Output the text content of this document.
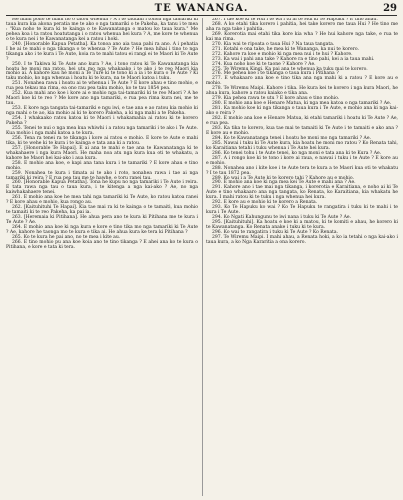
TE WANANGA.	29

He mahi pono te mahi ho o tatou whenua ? A i te tautahi i tonoa nga tamariki ki taua kura kia akona peratia me te ako o nga tamariki o te Pakeha, ka tanu i te mea : "Kua noho te kura ki te kainga o te Kawanatanga o matou ko taua kura." Me pehea koa i ta ratou hoatutanga i o ratou whenua hei kura ? A, me kore te whenua o te kura nei i te Kawanatanga kei a ratou i hoki.

240. [Honorable Kapua Petatha]. Ka tonoa ano aia taua pahi ra ano. A i pehatia I he ai te mahi o nga tikanga o te whenua ? Te Aute ? He mea hihai i tino to nga tikanga ako i te kura i Te Aute, koia ra te mahi tatou ei rangi ei te Maori ki Te Aute ?

250. I te Takiwa ki Te Aute ano kura ? Ae, i tono ratou ki Te Kawanatanga kia hoatu he moni ma ratou, hei utu mo nga whakaako i te ako i te reo Maori kia mohio ai. A kahore kau he moni a Te Ture ki te tono ki a ia i te kura o Te Aute ? Ki taku mohio, ko nga whenua i hoatu ki te kura, na te Maori katoa i tuku.

251. Nonahea rawa i hoatu ai te whenua i Te Aute ? E kore ahau e tino mohio, e rua pea tekau ma rima, ea ono rau pea taku mohio, ko te tau 1854 pea.

252. Kua mahi ano koe i kore ai e mohio nga tai-tamariki ki te reo Maori ? A he Maori koe ki te reo ? Me kore ano nga tamariki, e rua pea rima kura nei, me te tau.

253. E kore nga tangata tai-tamariki e ngu iwi, e tae ana e ao ratou kia mohio ki nga mahi o te ao, kia mohio ai ki te korero Pakeha, a ki nga mahi a te Pakeha.

254. I whakaako ratou katoa ki te Maori i whakamahia ai ratou ki te korero Pakeha ?

255. Tenei te nui o nga mea kua whiwhi i a ratou nga tamariki i te ako i Te Aute. Kua mohio i nga mahi katoa a te kura.

256. Tena ra tenei ra te tikanga i kore ai ratou e mohio. E kore te Aute e mahi tika, ki te wehe ki te kura i te kainga e tata ana ki a ratou.

257. [Honorable Te Hapai]. E ai ana te mahi e tae ana te Kawanatanga ki te whakahaere i nga kura Maori. He maha noa atu nga kura kua oti te whakatu, a kahore he Maori hei kai-ako i aua kura.

258. E mohio ana koe, e kapi ana tana kura i te tamariki ? E kore ahau e tino mohio.

259. Nonahea te kura i timata ai te ako i roto, nonahea rawa i tae ai nga tamariki ki reira ? E rua pea tau me te hawhe, e toru ranei tau.

260. [Honorable Kapua Petatha]. Tona he kupu no nga tamariki i Te Aute i reira. E tata rawa nga tau o taua kura, i te kitenga a nga kai-ako ? Ae, no nga kaiwhakahaere tenei.

261. E mohio ana koe he mea tahi nga tamariki ki Te Aute, ko ratou katoa ranei ? E kore ahau e mohio, kua rongo au.

262. [Kaituhituhi Te Hapai]. Kia tae mai ra ki te kainga o te tamaiti, kua mohio te tamaiti ki te reo Pakeha, ka pai ia.

263. [Heremaia ki Pitihana]. He ahua pera ano te kura ki Pitihana me te kura i Te Aute ? Ae.

264. E mohio ana koe ki nga kura e kore e tino tika mo nga tamariki ki Te Aute ? Ae, kahore he taonga mo te kura e tika ai. He ahua kura ke tera ki Pitihana ?

265. Ko te kura he pai ano, no te mea i kite au.

266. E tino mohio pu ana koe koia ano te tino tikanga ? E ahei ana ko te kura o Pitihana, e kore e tata ki tera.

267. I tae koe ki te Hui i te wa i tu ai te Hui ki Te Hapuku ? E tino ahau.

268. A ko etahi tika korero i pahitia, hei take korero me taua Hui ? He tino me aha ra nga take i pahitia.

269. Korerotia mai etahi tika kore kia wha ? He hui kahore nga take, e rua te kai ma rima.

270. Kia wai te ripoata o taua Hui ? Na taua tangata.

271. Kotahi e ona take, he mea ki te Wananga, ka nui te korero.

272. Kahore ra koe e mohio ki nga mea nui i te hui ? Kahore.

273. Ka wai i pahi ana take ? Kahore ra e tino pahi, kei a ia taua mahi.

274. Kua noho koe ki te taone ? Kahore ? Ae.

275. Te Wiremu Kingi. Ka pai ana te whenua ka tuku mai te korero.

276. Me pehea koe i te tikanga o taua kura i Pitihana ?

277. E whakaaro ana koe e tino tika ana nga mahi ki a ratou ? E kore au e mohio.

278. Te Wiremu Maipi. Kahore i tika. He kura kei te korero i nga kura Maori, he ahua kura, kahore a ratou kaiako e tika ana.

279. Kia pehea rawa te utu ? E kore ahau e tino mohio.

280. E mohio ana koe e Henare Matua, ki nga mea katoa o nga tamariki ? Ae.

281. Ka mohio koe ki nga tikanga o taua kura i Te Aute, e mohio ana ki nga kai-ako o reira ?

282. E mohio ana koe e Henare Matua, ki etahi tamariki i hoatu ki Te Aute ? Ae, e rua pea.

283. Ka tika to korero, kua tae mai te tamaiti ki Te Aute i te tamaiti e ako ana ? E kore au e mohio.

284. Ko te Kawanatanga tenei i hoatu he moni mo nga tamariki ? Ae.

285. Nawai i tuku ki Te Aute kura, kia hoatu he moni mo ratou ? Ko Renata tahi, ko Karaitiana tetahi i tuku whenua i Te Aute hei kura.

286. Ko tenei tohu i te Aute tenei, ko nga moni e tata ana ki te Kura ? Ae.

287. A i rongo koe ki te tono i kore ai raua, e nawai i tuku i te Aute ? E kore au e mohio.

288. Nonahea ano i kite koe i te Aute tera te kura a te Maori kua oti te whakatu ? I te tau 1872 pea.

289. Ko wai i a Te Aute ki te korero tahi ? Kahore au e mohio.

290. E mohio ana koe ki nga mea kei Te Aute e mahi ana ? Ae.

291. Kahore ano i tae mai nga tikanga, i korerotia e Karaitiana, e noho ai ki Te Aute e tino whakaaro ana nga tangata, ko Renata, ko Karaitiana, kia whakatu he kura. I mahi ratou ki te tuku i nga whenua hei kura.

292. E kore au e mohio ki te korero a Renata.

293. Ko Te Hapuku ko wai ? Ko Te Hapuku te rangatira i tuku ki te mahi i te kura i Te Aute.

294. Ko Ngati Kahungunu te iwi nana i tuku ki Te Aute ? Ae.

295. [Kaituhituhi]. Ka hoatu e koe ki a matou, ki te komiti e ahau, he korero ki te Kawanatanga. Ko Renata anake i tuku ki te kura.

296. Ko wai te rangatira i tuku ki Te Aute ? Ko Renata.

297. Te Wiremu Maipi. I mahi ahau, a Renata hoki, a ko ia tetahi o nga kai-ako i taua kura, a ko Nga Kararitia a ona korero.
